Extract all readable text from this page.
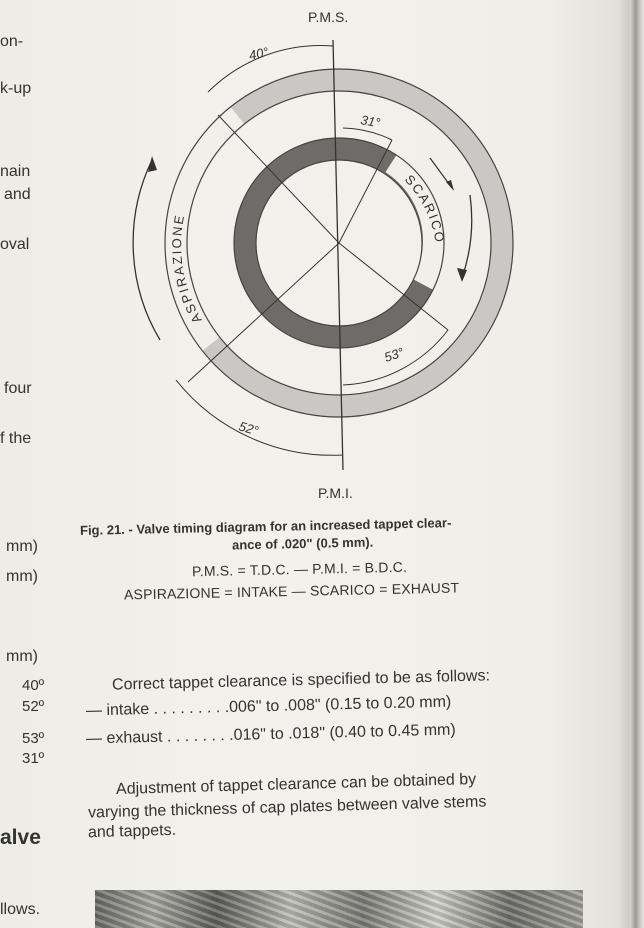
on-
k-up
nain
and
oval
four
f the
mm)
mm)
mm)
40º
52º
53º
31º
alve
llows.
P.M.S.
P.M.I.
40°
31°
53°
52°
ASPIRAZIONE
SCARICO
Fig. 21. - Valve timing diagram for an increased tappet clear-
ance of .020" (0.5 mm).
P.M.S. = T.D.C. — P.M.I. = B.D.C.
ASPIRAZIONE = INTAKE — SCARICO = EXHAUST
Correct tappet clearance is specified to be as follows:
— intake . . . . . . . . .006" to .008" (0.15 to 0.20 mm)
— exhaust . . . . . . . .016" to .018" (0.40 to 0.45 mm)
Adjustment of tappet clearance can be obtained by
varying the thickness of cap plates between valve stems
and tappets.
